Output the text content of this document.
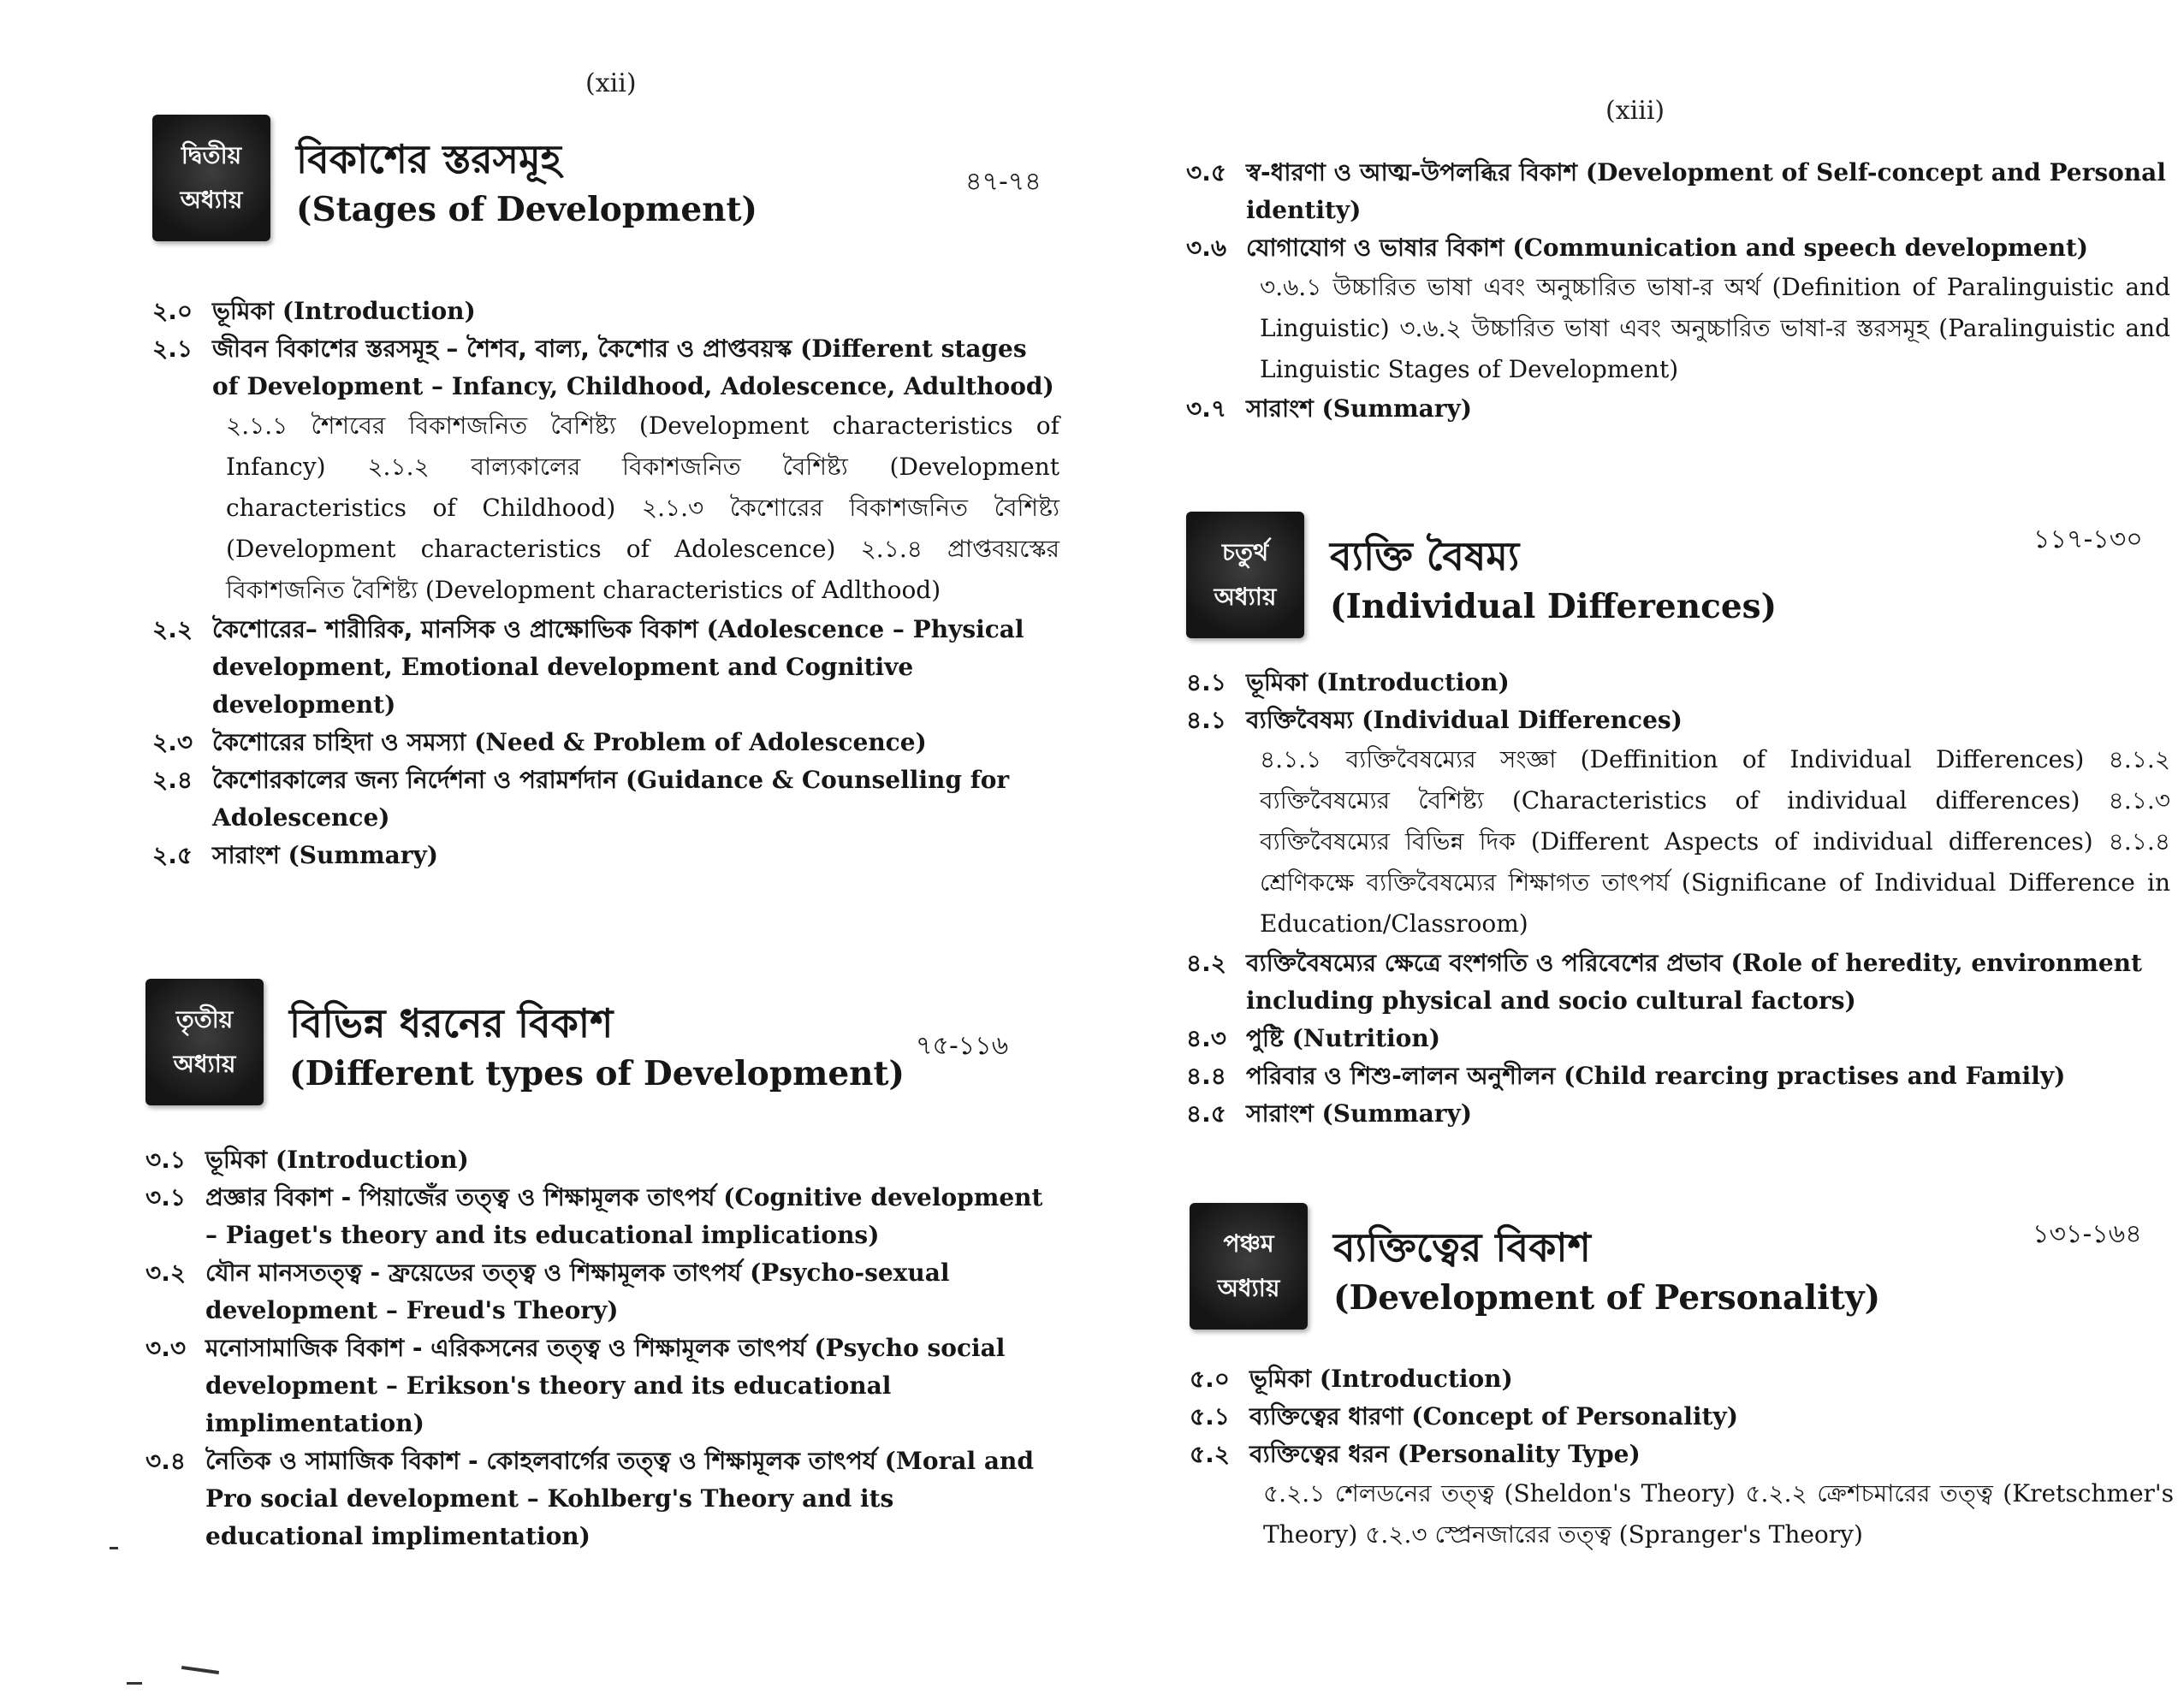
(xii)
দ্বিতীয়
অধ্যায়
বিকাশের স্তরসমূহ
(Stages of Development)
৪৭-৭৪
২.০ ভূমিকা (Introduction)
২.১ জীবন বিকাশের স্তরসমূহ – শৈশব, বাল্য, কৈশোর ও প্রাপ্তবয়স্ক (Different stages of Development – Infancy, Childhood, Adolescence, Adulthood)
২.১.১ শৈশবের বিকাশজনিত বৈশিষ্ট্য (Development characteristics of Infancy) ২.১.২ বাল্যকালের বিকাশজনিত বৈশিষ্ট্য (Development characteristics of Childhood) ২.১.৩ কৈশোরের বিকাশজনিত বৈশিষ্ট্য (Development characteristics of Adolescence) ২.১.৪ প্রাপ্তবয়স্কের বিকাশজনিত বৈশিষ্ট্য (Development characteristics of Adlthood)
২.২ কৈশোরের– শারীরিক, মানসিক ও প্রাক্ষোভিক বিকাশ (Adolescence – Physical development, Emotional development and Cognitive development)
২.৩ কৈশোরের চাহিদা ও সমস্যা (Need & Problem of Adolescence)
২.৪ কৈশোরকালের জন্য নির্দেশনা ও পরামর্শদান (Guidance & Counselling for Adolescence)
২.৫ সারাংশ (Summary)
তৃতীয়
অধ্যায়
বিভিন্ন ধরনের বিকাশ
(Different types of Development)
৭৫-১১৬
৩.১ ভূমিকা (Introduction)
৩.১ প্রজ্ঞার বিকাশ - পিয়াজেঁর তত্ত্ব ও শিক্ষামূলক তাৎপর্য (Cognitive development – Piaget's theory and its educational implications)
৩.২ যৌন মানসতত্ত্ব - ফ্রয়েডের তত্ত্ব ও শিক্ষামূলক তাৎপর্য (Psycho-sexual development – Freud's Theory)
৩.৩ মনোসামাজিক বিকাশ - এরিকসনের তত্ত্ব ও শিক্ষামূলক তাৎপর্য (Psycho social development – Erikson's theory and its educational implimentation)
৩.৪ নৈতিক ও সামাজিক বিকাশ - কোহলবার্গের তত্ত্ব ও শিক্ষামূলক তাৎপর্য (Moral and Pro social development – Kohlberg's Theory and its educational implimentation)
(xiii)
৩.৫ স্ব-ধারণা ও আত্ম-উপলব্ধির বিকাশ (Development of Self-concept and Personal identity)
৩.৬ যোগাযোগ ও ভাষার বিকাশ (Communication and speech development)
৩.৬.১ উচ্চারিত ভাষা এবং অনুচ্চারিত ভাষা-র অর্থ (Definition of Paralinguistic and Linguistic) ৩.৬.২ উচ্চারিত ভাষা এবং অনুচ্চারিত ভাষা-র স্তরসমূহ (Paralinguistic and Linguistic Stages of Development)
৩.৭ সারাংশ (Summary)
চতুর্থ
অধ্যায়
ব্যক্তি বৈষম্য
(Individual Differences)
১১৭-১৩০
৪.১ ভূমিকা (Introduction)
৪.১ ব্যক্তিবৈষম্য (Individual Differences)
৪.১.১ ব্যক্তিবৈষম্যের সংজ্ঞা (Deffinition of Individual Differences) ৪.১.২ ব্যক্তিবৈষম্যের বৈশিষ্ট্য (Characteristics of individual differences) ৪.১.৩ ব্যক্তিবৈষম্যের বিভিন্ন দিক (Different Aspects of individual differences) ৪.১.৪ শ্রেণিকক্ষে ব্যক্তিবৈষম্যের শিক্ষাগত তাৎপর্য (Significane of Individual Difference in Education/Classroom)
৪.২ ব্যক্তিবৈষম্যের ক্ষেত্রে বংশগতি ও পরিবেশের প্রভাব (Role of heredity, environment including physical and socio cultural factors)
৪.৩ পুষ্টি (Nutrition)
৪.৪ পরিবার ও শিশু-লালন অনুশীলন (Child rearcing practises and Family)
৪.৫ সারাংশ (Summary)
পঞ্চম
অধ্যায়
ব্যক্তিত্বের বিকাশ
(Development of Personality)
১৩১-১৬৪
৫.০ ভূমিকা (Introduction)
৫.১ ব্যক্তিত্বের ধারণা (Concept of Personality)
৫.২ ব্যক্তিত্বের ধরন (Personality Type)
৫.২.১ শেলডনের তত্ত্ব (Sheldon's Theory) ৫.২.২ ক্রেশচমারের তত্ত্ব (Kretschmer's Theory) ৫.২.৩ স্প্রেনজারের তত্ত্ব (Spranger's Theory)
